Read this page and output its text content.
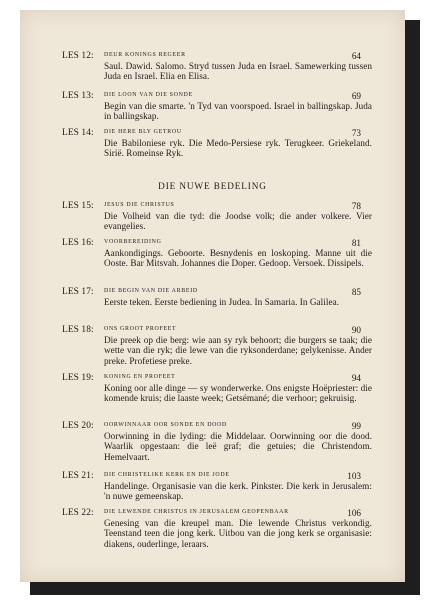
LES 12: DEUR KONINGS REGEER	64
Saul. Dawid. Salomo. Stryd tussen Juda en Israel. Samewerking tussen Juda en Israel. Elia en Elisa.
LES 13: DIE LOON VAN DIE SONDE	69
Begin van die smarte. 'n Tyd van voorspoed. Israel in ballingskap. Juda in ballingskap.
LES 14: DIE HERE BLY GETROU	73
Die Babiloniese ryk. Die Medo-Persiese ryk. Terugkeer. Griekeland. Sirië. Romeinse Ryk.
DIE NUWE BEDELING
LES 15: JESUS DIE CHRISTUS	78
Die Volheid van die tyd: die Joodse volk; die ander volkere. Vier evangelies.
LES 16: VOORBEREIDING	81
Aankondigings. Geboorte. Besnydenis en loskoping. Manne uit die Ooste. Bar Mitsvah. Johannes die Doper. Gedoop. Versoek. Dissipels.
LES 17: DIE BEGIN VAN DIE ARBEID	85
Eerste teken. Eerste bediening in Judea. In Samaria. In Galilea.
LES 18: ONS GROOT PROFEET	90
Die preek op die berg: wie aan sy ryk behoort; die burgers se taak; die wette van die ryk; die lewe van die ryksonderdane; gelykenisse. Ander preke. Profetiese preke.
LES 19: KONING EN PROFEET	94
Koning oor alle dinge — sy wonderwerke. Ons enigste Hoëpriester: die komende kruis; die laaste week; Getsémané; die verhoor; gekruisig.
LES 20: OORWINNAAR OOR SONDE EN DOOD	99
Oorwinning in die lyding: die Middelaar. Oorwinning oor die dood. Waarlik opgestaan: die leë graf; die getuies; die Christendom. Hemelvaart.
LES 21: DIE CHRISTELIKE KERK EN DIE JODE	103
Handelinge. Organisasie van die kerk. Pinkster. Die kerk in Jerusalem: 'n nuwe gemeenskap.
LES 22: DIE LEWENDE CHRISTUS IN JERUSALEM GEOPENBAAR	106
Genesing van die kreupel man. Die lewende Christus verkondig. Teenstand teen die jong kerk. Uitbou van die jong kerk se organisasie: diakens, ouderlinge, leraars.
